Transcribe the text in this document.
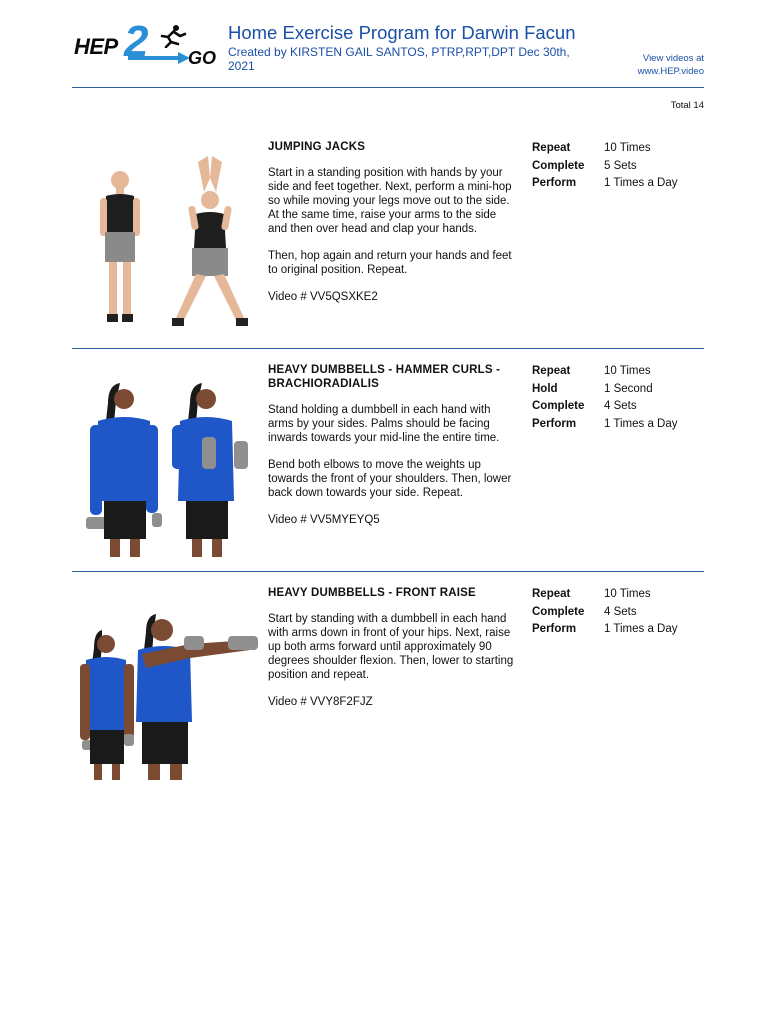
HEP 2 GO
Home Exercise Program for Darwin Facun
Created by KIRSTEN GAIL SANTOS, PTRP,RPT,DPT Dec 30th, 2021
View videos at
www.HEP.video
Total 14
JUMPING JACKS
Start in a standing position with hands by your side and feet together. Next, perform a mini-hop so while moving your legs move out to the side. At the same time, raise your arms to the side and then over head and clap your hands.
Then, hop again and return your hands and feet to original position. Repeat.
Video # VV5QSXKE2
Repeat	10 Times
Complete	5 Sets
Perform	1 Times a Day
HEAVY DUMBBELLS - HAMMER CURLS - BRACHIORADIALIS
Stand holding a dumbbell in each hand with arms by your sides. Palms should be facing inwards towards your mid-line the entire time.
Bend both elbows to move the weights up towards the front of your shoulders. Then, lower back down towards your side. Repeat.
Video # VV5MYEYQ5
Repeat	10 Times
Hold	1 Second
Complete	4 Sets
Perform	1 Times a Day
HEAVY DUMBBELLS - FRONT RAISE
Start by standing with a dumbbell in each hand with arms down in front of your hips. Next, raise up both arms forward until approximately 90 degrees shoulder flexion. Then, lower to starting position and repeat.
Video # VVY8F2FJZ
Repeat	10 Times
Complete	4 Sets
Perform	1 Times a Day
